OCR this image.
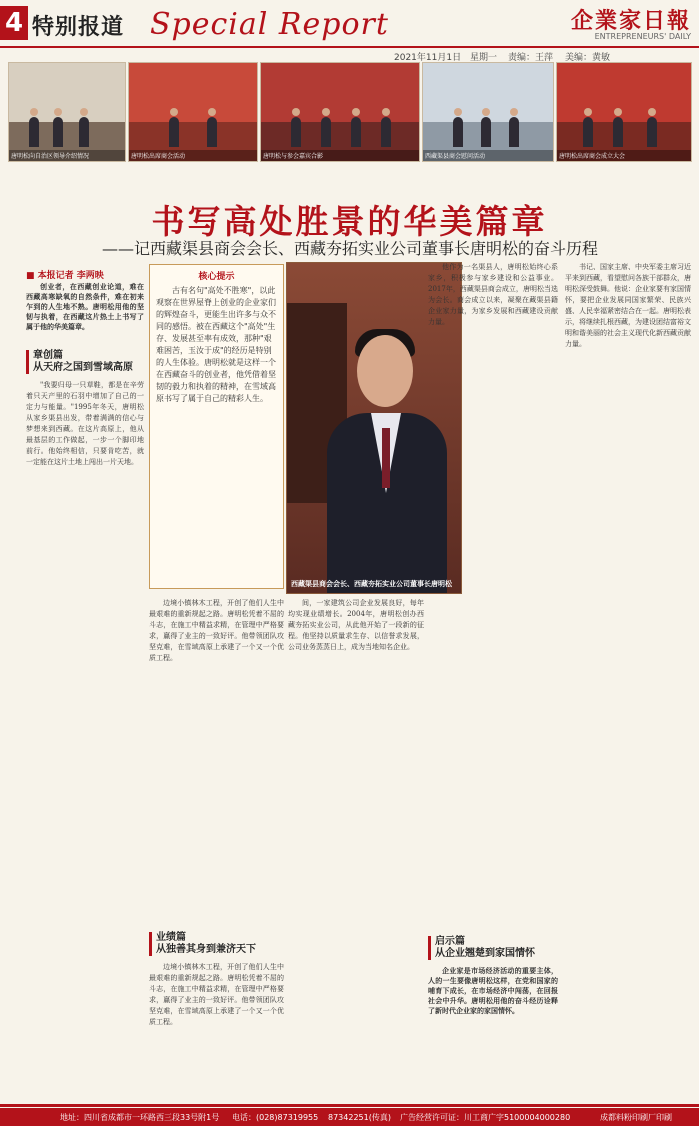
4 特别报道 Special Report	企業家日報
ENTREPRENEURS' DAILY
2021年11月1日 星期一 责编：王萍 美编：黄敏
唐明松向自治区领导介绍情况	唐明松出席商会活动	唐明松与参会嘉宾合影	西藏渠县商会慰问活动	唐明松出席商会成立大会
书写高处胜景的华美篇章
——记西藏渠县商会会长、西藏夯拓实业公司董事长唐明松的奋斗历程
■ 本报记者 李两映

创业者，在西藏创业论道，难在西藏高寒缺氧的自然条件，难在初来乍到的人生地不熟。唐明松用他的坚韧与执着，在西藏这片热土上书写了属于他的华美篇章。

章创篇
从天府之国到雪域高原

"我要归母一只草鞋，都是在辛劳着只天产里的石羽中增加了自己的一定力与能量。"1995年冬天，唐明松从家乡渠县出发，带着满满的信心与梦想来到西藏。在这片高原上，他从最基层的工作做起，一步一个脚印地前行。他始终相信，只要肯吃苦，就一定能在这片土地上闯出一片天地。

核心提示

古有名句"高处不胜寒"，以此观察在世界屋脊上创业的企业家们的辉煌奋斗，更能生出许多与众不同的感悟。被在西藏这个"高处"生存、发展甚至率有成效，那种"艰难困苦，玉汝于成"的经历是特别的人生体验。唐明松就是这样一个在西藏奋斗的创业者，他凭借着坚韧的毅力和执着的精神，在雪域高原书写了属于自己的精彩人生。

西藏渠县商会会长、西藏夯拓实业公司董事长唐明松

边境小镇林木工程，开创了他们人生中最艰难的重新规起之路。唐明松凭着不屈的斗志，在施工中精益求精，在管理中严格要求，赢得了业主的一致好评。他带领团队攻坚克难，在雪域高原上承建了一个又一个优质工程。

业绩篇
从独善其身到兼济天下

边境小镇林木工程，开创了他们人生中最艰难的重新规起之路。唐明松凭着不屈的斗志，在施工中精益求精，在管理中严格要求，赢得了业主的一致好评。他带领团队攻坚克难，在雪域高原上承建了一个又一个优质工程。

间，一家建筑公司企业发展良好，每年均实现业绩增长。2004年，唐明松创办西藏夯拓实业公司，从此他开始了一段新的征程。他坚持以质量求生存、以信誉求发展，公司业务蒸蒸日上，成为当地知名企业。

他作为一名渠县人，唐明松始终心系家乡，积极参与家乡建设和公益事业。2017年，西藏渠县商会成立，唐明松当选为会长。商会成立以来，凝聚在藏渠县籍企业家力量，为家乡发展和西藏建设贡献力量。

书记、国家主席、中央军委主席习近平来到西藏，看望慰问各族干部群众，唐明松深受鼓舞。他说：企业家要有家国情怀，要把企业发展同国家繁荣、民族兴盛、人民幸福紧密结合在一起。唐明松表示，将继续扎根西藏，为建设团结富裕文明和谐美丽的社会主义现代化新西藏贡献力量。

启示篇
从企业翘楚到家国情怀

企业家是市场经济活动的重要主体，人的一生要像唐明松这样，在党和国家的哺育下成长，在市场经济中闯荡，在回报社会中升华。唐明松用他的奋斗经历诠释了新时代企业家的家国情怀。

地址：四川省成都市一环路西三段33号附1号 电话：(028)87319955 87342251(传真) 广告经营许可证：川工商广字5100004000280	成都料粉印刷厂印刷
